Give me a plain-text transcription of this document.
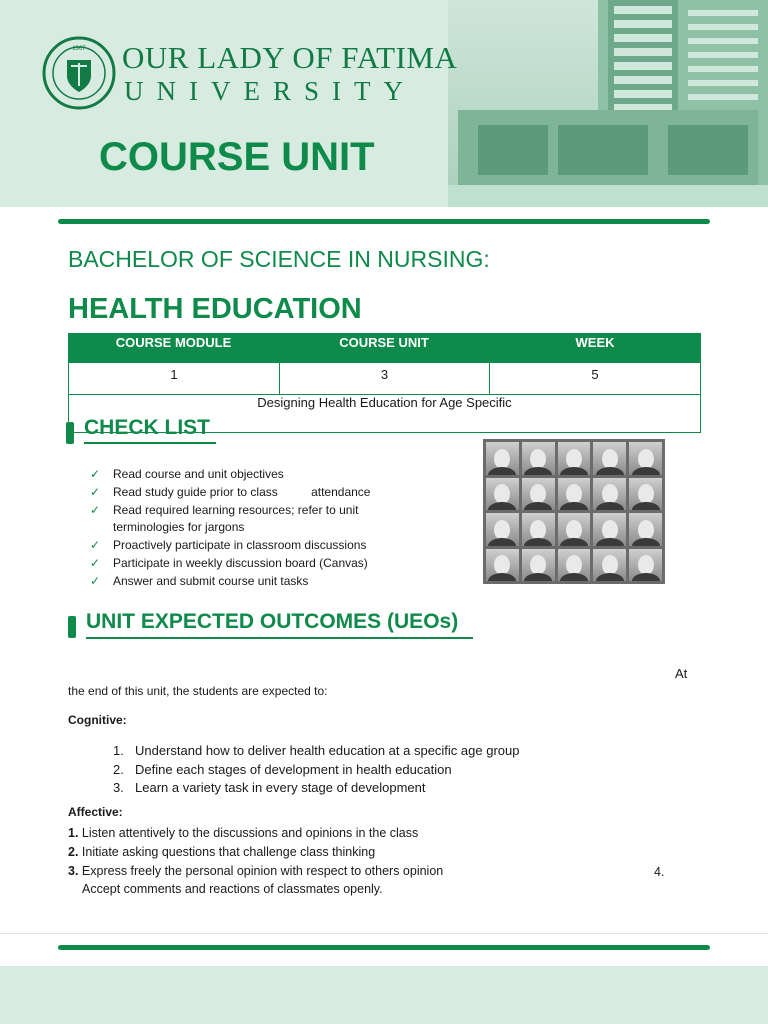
1967 OUR LADY OF FATIMA
UNIVERSITY
COURSE UNIT
BACHELOR OF SCIENCE IN NURSING:
HEALTH EDUCATION
COURSE MODULE	COURSE UNIT	WEEK
1	3	5
Designing Health Education for Age Specific
CHECK LIST
✓ Read course and unit objectives
✓ Read study guide prior to class          attendance
✓ Read required learning resources; refer to unit terminologies for jargons
✓ Proactively participate in classroom discussions
✓ Participate in weekly discussion board (Canvas)
✓ Answer and submit course unit tasks
UNIT EXPECTED OUTCOMES (UEOs)
At
the end of this unit, the students are expected to:
Cognitive:
1. Understand how to deliver health education at a specific age group
2. Define each stages of development in health education
3. Learn a variety task in every stage of development
Affective:
1. Listen attentively to the discussions and opinions in the class
2. Initiate asking questions that challenge class thinking
3. Express freely the personal opinion with respect to others opinion	4.
Accept comments and reactions of classmates openly.
